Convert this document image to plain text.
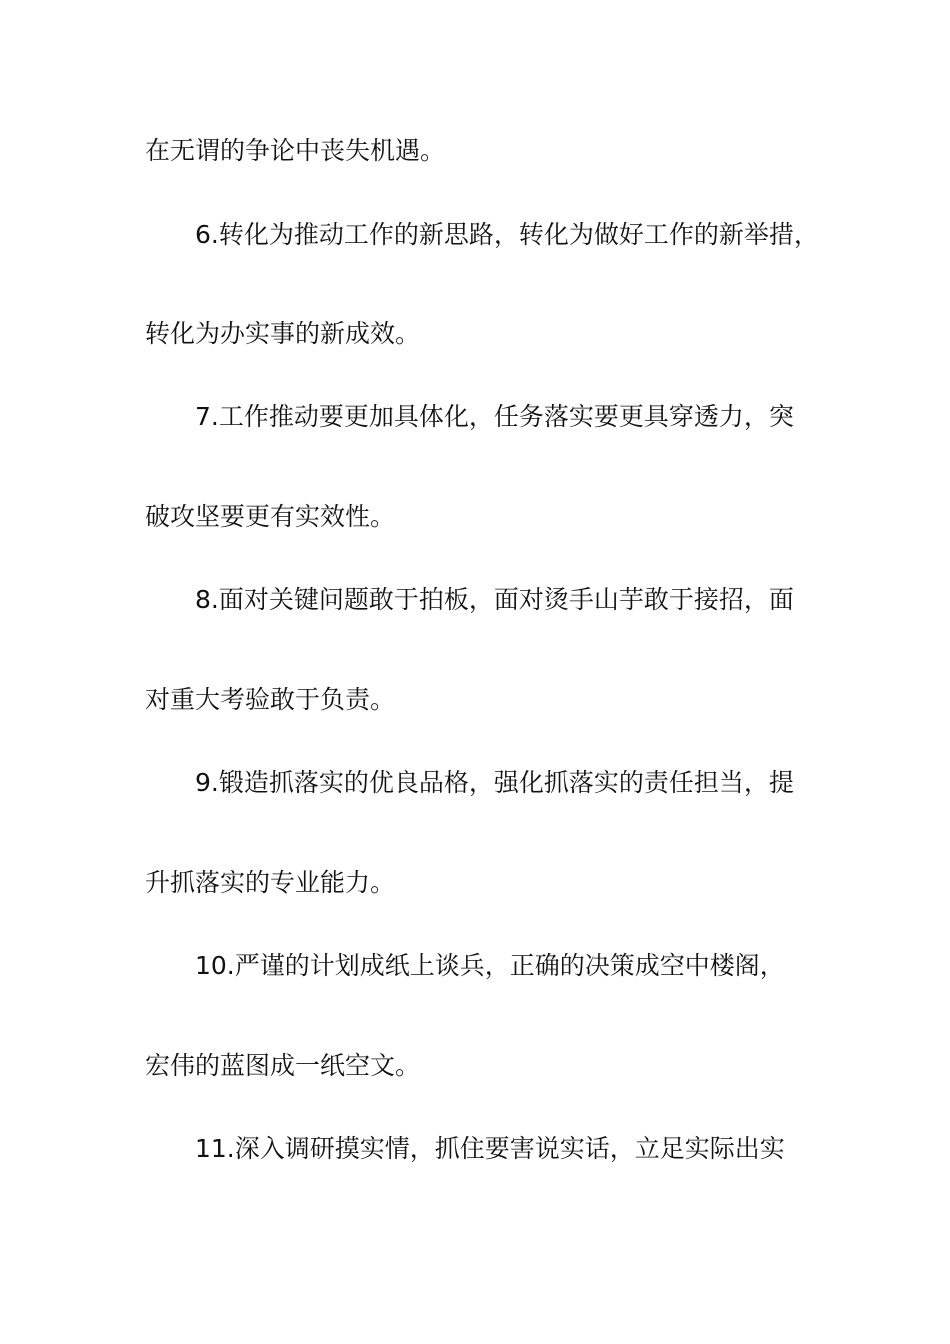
在无谓的争论中丧失机遇。
6.转化为推动工作的新思路，转化为做好工作的新举措，
转化为办实事的新成效。
7.工作推动要更加具体化，任务落实要更具穿透力，突
破攻坚要更有实效性。
8.面对关键问题敢于拍板，面对烫手山芋敢于接招，面
对重大考验敢于负责。
9.锻造抓落实的优良品格，强化抓落实的责任担当，提
升抓落实的专业能力。
10.严谨的计划成纸上谈兵，正确的决策成空中楼阁，
宏伟的蓝图成一纸空文。
11.深入调研摸实情，抓住要害说实话，立足实际出实
